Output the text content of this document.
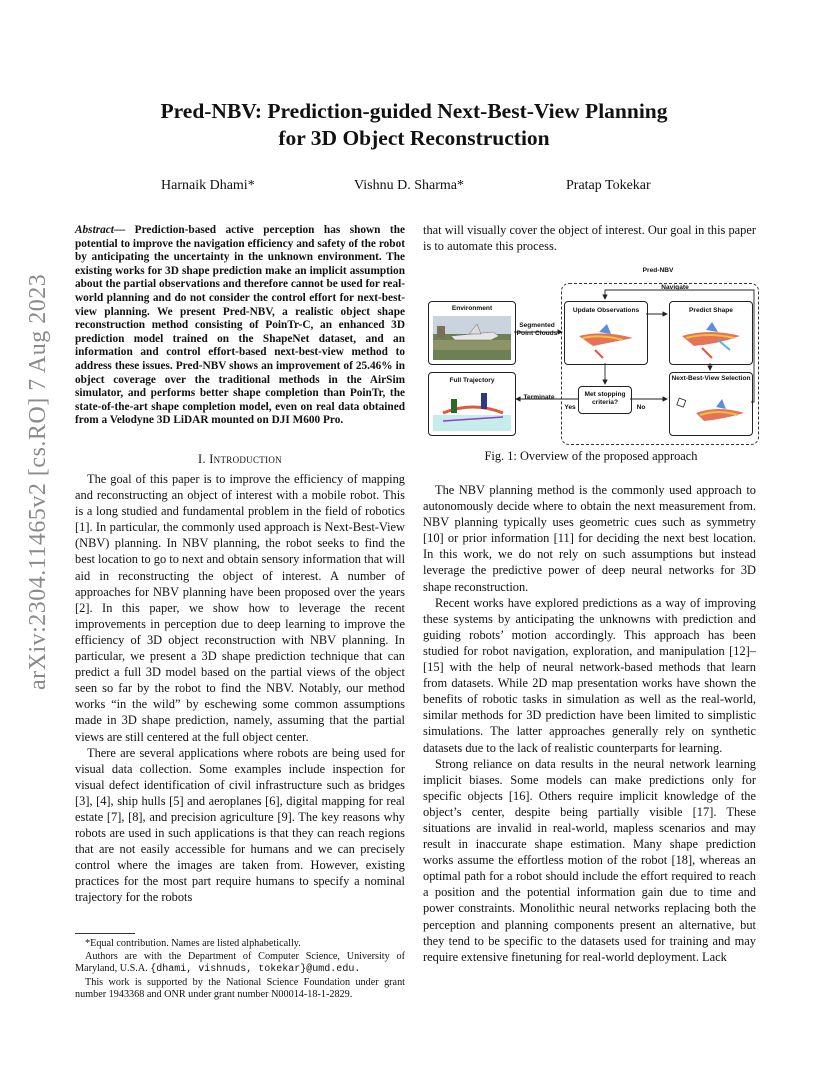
arXiv:2304.11465v2 [cs.RO] 7 Aug 2023
Pred-NBV: Prediction-guided Next-Best-View Planning
for 3D Object Reconstruction
Harnaik Dhami*	Vishnu D. Sharma*	Pratap Tokekar
Abstract— Prediction-based active perception has shown the potential to improve the navigation efficiency and safety of the robot by anticipating the uncertainty in the unknown environment. The existing works for 3D shape prediction make an implicit assumption about the partial observations and therefore cannot be used for real-world planning and do not consider the control effort for next-best-view planning. We present Pred-NBV, a realistic object shape reconstruction method consisting of PoinTr-C, an enhanced 3D prediction model trained on the ShapeNet dataset, and an information and control effort-based next-best-view method to address these issues. Pred-NBV shows an improvement of 25.46% in object coverage over the traditional methods in the AirSim simulator, and performs better shape completion than PoinTr, the state-of-the-art shape completion model, even on real data obtained from a Velodyne 3D LiDAR mounted on DJI M600 Pro.
I. Introduction

The goal of this paper is to improve the efficiency of mapping and reconstructing an object of interest with a mobile robot. This is a long studied and fundamental problem in the field of robotics [1]. In particular, the commonly used approach is Next-Best-View (NBV) planning. In NBV planning, the robot seeks to find the best location to go to next and obtain sensory information that will aid in reconstructing the object of interest. A number of approaches for NBV planning have been proposed over the years [2]. In this paper, we show how to leverage the recent improvements in perception due to deep learning to improve the efficiency of 3D object reconstruction with NBV planning. In particular, we present a 3D shape prediction technique that can predict a full 3D model based on the partial views of the object seen so far by the robot to find the NBV. Notably, our method works “in the wild” by eschewing some common assumptions made in 3D shape prediction, namely, assuming that the partial views are still centered at the full object center.

There are several applications where robots are being used for visual data collection. Some examples include inspection for visual defect identification of civil infrastructure such as bridges [3], [4], ship hulls [5] and aeroplanes [6], digital mapping for real estate [7], [8], and precision agriculture [9]. The key reasons why robots are used in such applications is that they can reach regions that are not easily accessible for humans and we can precisely control where the images are taken from. However, existing practices for the most part require humans to specify a nominal trajectory for the robots

*Equal contribution. Names are listed alphabetically.

Authors are with the Department of Computer Science, University of Maryland, U.S.A. {dhami, vishnuds, tokekar}@umd.edu.

This work is supported by the National Science Foundation under grant number 1943368 and ONR under grant number N00014-18-1-2829.

that will visually cover the object of interest. Our goal in this paper is to automate this process.

Pred-NBV
Navigate
Environment
Segmented Point Clouds
Update Observations	Predict Shape
Full Trajectory
Terminate	Met stopping criteria?
Yes	No
Next-Best-View Selection
Fig. 1: Overview of the proposed approach

The NBV planning method is the commonly used approach to autonomously decide where to obtain the next measurement from. NBV planning typically uses geometric cues such as symmetry [10] or prior information [11] for deciding the next best location. In this work, we do not rely on such assumptions but instead leverage the predictive power of deep neural networks for 3D shape reconstruction.

Recent works have explored predictions as a way of improving these systems by anticipating the unknowns with prediction and guiding robots’ motion accordingly. This approach has been studied for robot navigation, exploration, and manipulation [12]–[15] with the help of neural network-based methods that learn from datasets. While 2D map presentation works have shown the benefits of robotic tasks in simulation as well as the real-world, similar methods for 3D prediction have been limited to simplistic simulations. The latter approaches generally rely on synthetic datasets due to the lack of realistic counterparts for learning.

Strong reliance on data results in the neural network learning implicit biases. Some models can make predictions only for specific objects [16]. Others require implicit knowledge of the object’s center, despite being partially visible [17]. These situations are invalid in real-world, mapless scenarios and may result in inaccurate shape estimation. Many shape prediction works assume the effortless motion of the robot [18], whereas an optimal path for a robot should include the effort required to reach a position and the potential information gain due to time and power constraints. Monolithic neural networks replacing both the perception and planning components present an alternative, but they tend to be specific to the datasets used for training and may require extensive finetuning for real-world deployment. Lack
